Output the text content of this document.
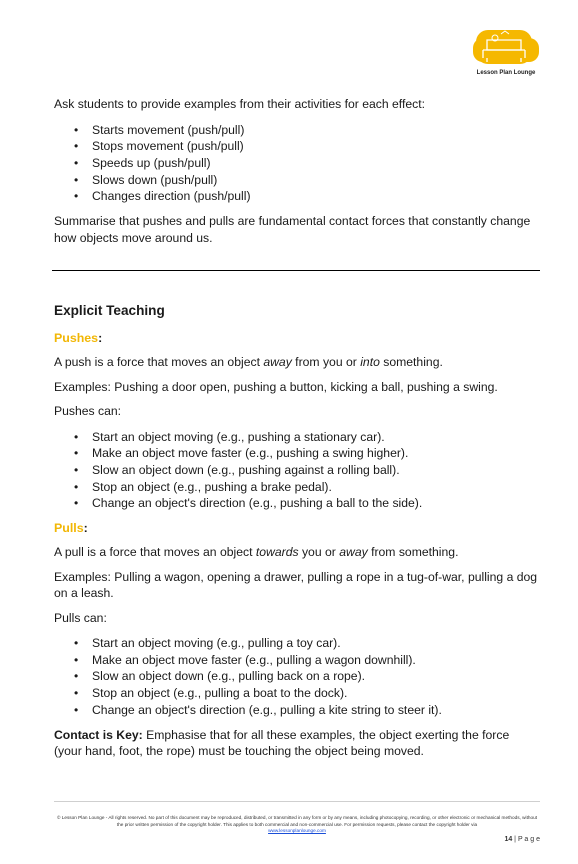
Lesson Plan Lounge

Ask students to provide examples from their activities for each effect:

• Starts movement (push/pull)
• Stops movement (push/pull)
• Speeds up (push/pull)
• Slows down (push/pull)
• Changes direction (push/pull)

Summarise that pushes and pulls are fundamental contact forces that constantly change how objects move around us.

Explicit Teaching

Pushes:

A push is a force that moves an object away from you or into something.

Examples: Pushing a door open, pushing a button, kicking a ball, pushing a swing.

Pushes can:

• Start an object moving (e.g., pushing a stationary car).
• Make an object move faster (e.g., pushing a swing higher).
• Slow an object down (e.g., pushing against a rolling ball).
• Stop an object (e.g., pushing a brake pedal).
• Change an object's direction (e.g., pushing a ball to the side).

Pulls:

A pull is a force that moves an object towards you or away from something.

Examples: Pulling a wagon, opening a drawer, pulling a rope in a tug-of-war, pulling a dog on a leash.

Pulls can:

• Start an object moving (e.g., pulling a toy car).
• Make an object move faster (e.g., pulling a wagon downhill).
• Slow an object down (e.g., pulling back on a rope).
• Stop an object (e.g., pulling a boat to the dock).
• Change an object's direction (e.g., pulling a kite string to steer it).

Contact is Key: Emphasise that for all these examples, the object exerting the force (your hand, foot, the rope) must be touching the object being moved.

© Lesson Plan Lounge - All rights reserved. No part of this document may be reproduced, distributed, or transmitted in any form or by any means, including photocopying, recording, or other electronic or mechanical methods, without the prior written permission of the copyright holder. This applies to both commercial and non-commercial use. For permission requests, please contact the copyright holder via
www.lessonplanlounge.com
14 | P a g e
